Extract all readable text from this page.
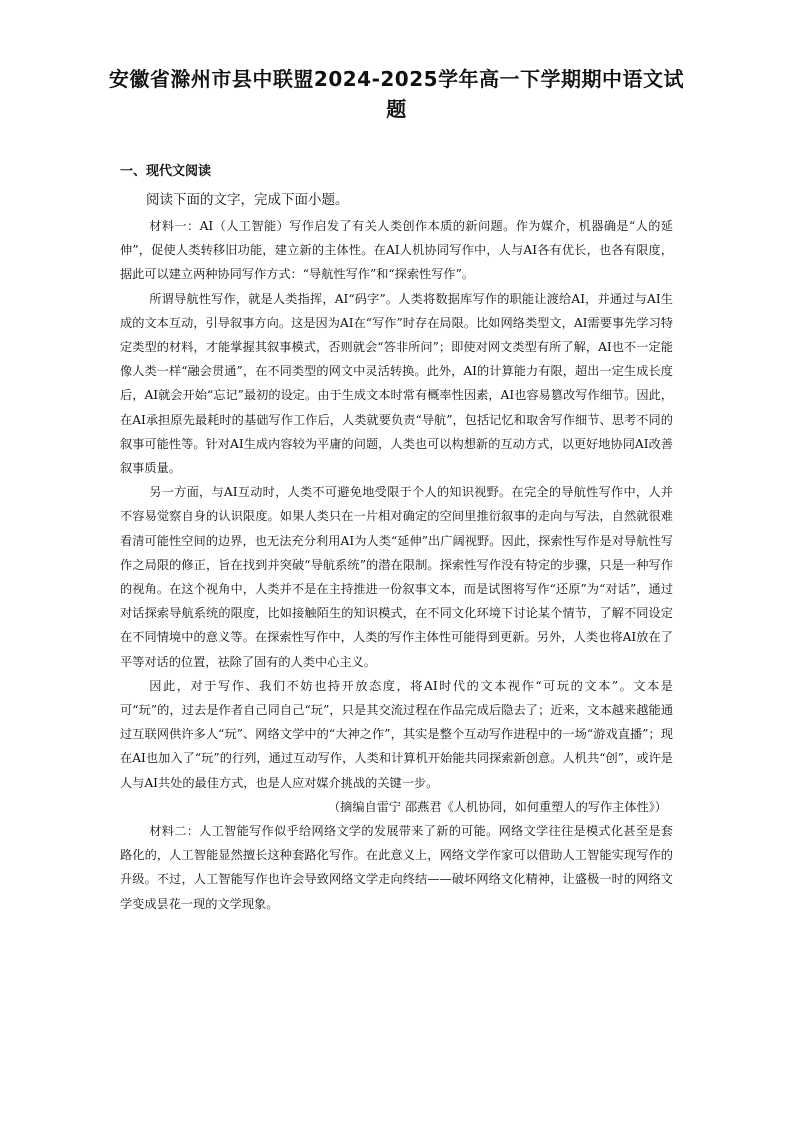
安徽省滁州市县中联盟2024-2025学年高一下学期期中语文试题
一、现代文阅读
阅读下面的文字，完成下面小题。

材料一：AI（人工智能）写作启发了有关人类创作本质的新问题。作为媒介，机器确是“人的延伸”，促使人类转移旧功能，建立新的主体性。在AI人机协同写作中，人与AI各有优长，也各有限度，据此可以建立两种协同写作方式：“导航性写作”和“探索性写作”。

所谓导航性写作，就是人类指挥，AI“码字”。人类将数据库写作的职能让渡给AI，并通过与AI生成的文本互动，引导叙事方向。这是因为AI在“写作”时存在局限。比如网络类型文，AI需要事先学习特定类型的材料，才能掌握其叙事模式，否则就会“答非所问”；即使对网文类型有所了解，AI也不一定能像人类一样“融会贯通”，在不同类型的网文中灵活转换。此外，AI的计算能力有限，超出一定生成长度后，AI就会开始“忘记”最初的设定。由于生成文本时常有概率性因素，AI也容易篡改写作细节。因此，在AI承担原先最耗时的基础写作工作后，人类就要负责“导航”，包括记忆和取舍写作细节、思考不同的叙事可能性等。针对AI生成内容较为平庸的问题，人类也可以构想新的互动方式，以更好地协同AI改善叙事质量。

另一方面，与AI互动时，人类不可避免地受限于个人的知识视野。在完全的导航性写作中，人并不容易觉察自身的认识限度。如果人类只在一片相对确定的空间里推衍叙事的走向与写法，自然就很难看清可能性空间的边界，也无法充分利用AI为人类“延伸”出广阔视野。因此，探索性写作是对导航性写作之局限的修正，旨在找到并突破“导航系统”的潜在限制。探索性写作没有特定的步骤，只是一种写作的视角。在这个视角中，人类并不是在主持推进一份叙事文本，而是试图将写作“还原”为“对话”，通过对话探索导航系统的限度，比如接触陌生的知识模式，在不同文化环境下讨论某个情节，了解不同设定在不同情境中的意义等。在探索性写作中，人类的写作主体性可能得到更新。另外，人类也将AI放在了平等对话的位置，祛除了固有的人类中心主义。

因此，对于写作、我们不妨也持开放态度，将AI时代的文本视作“可玩的文本”。文本是可“玩”的，过去是作者自己同自己“玩”，只是其交流过程在作品完成后隐去了；近来，文本越来越能通过互联网供许多人“玩”、网络文学中的“大神之作”，其实是整个互动写作进程中的一场“游戏直播”；现在AI也加入了“玩”的行列，通过互动写作，人类和计算机开始能共同探索新创意。人机共“创”，或许是人与AI共处的最佳方式，也是人应对媒介挑战的关键一步。

（摘编自雷宁 邵燕君《人机协同，如何重塑人的写作主体性》）

材料二：人工智能写作似乎给网络文学的发展带来了新的可能。网络文学往往是模式化甚至是套路化的，人工智能显然擅长这种套路化写作。在此意义上，网络文学作家可以借助人工智能实现写作的升级。不过，人工智能写作也许会导致网络文学走向终结——破坏网络文化精神，让盛极一时的网络文学变成昙花一现的文学现象。
